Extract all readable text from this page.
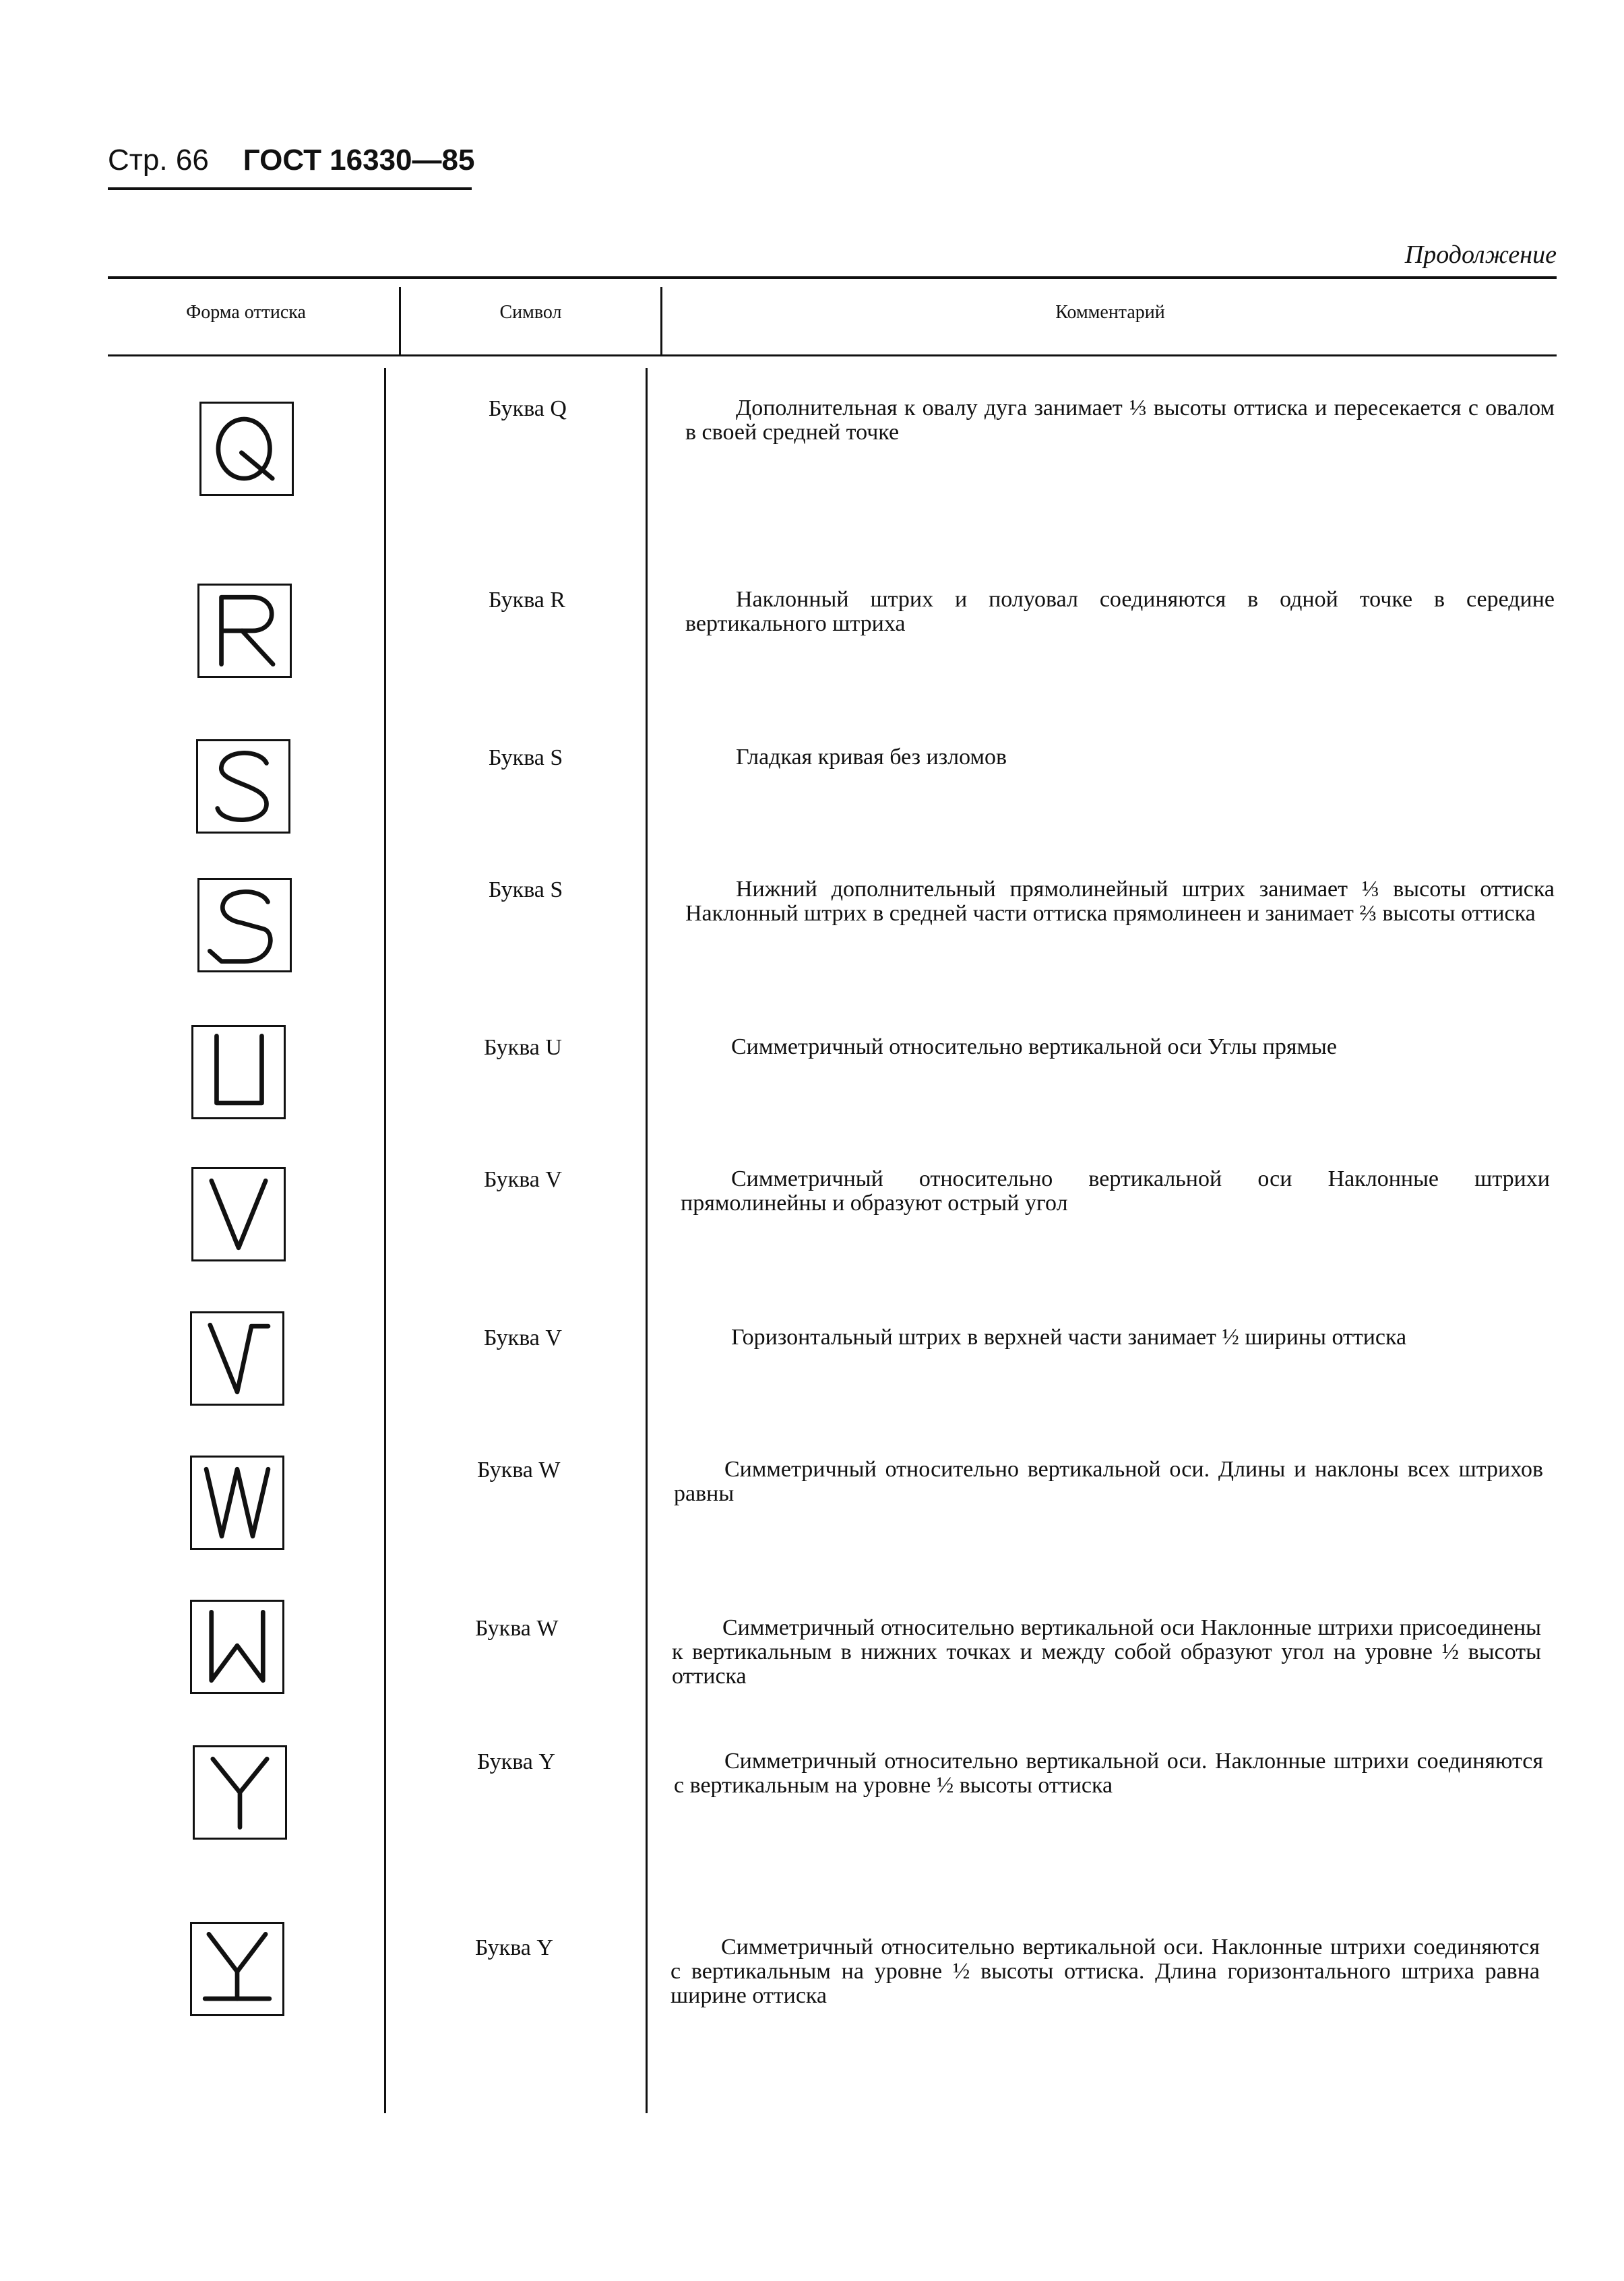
Стр. 66 ГОСТ 16330—85
Продолжение
Форма оттиска	Символ	Комментарий
Буква Q	Дополнительная к овалу дуга занимает ⅓ высоты оттиска и пересекается с овалом в своей средней точке
Буква R	Наклонный штрих и полуовал соединяются в одной точке в середине вертикального штриха
Буква S	Гладкая кривая без изломов
Буква S	Нижний дополнительный прямолинейный штрих занимает ⅓ высоты оттиска Наклонный штрих в средней части оттиска прямолинеен и занимает ⅔ высоты оттиска
Буква U	Симметричный относительно вертикальной оси Углы прямые
Буква V	Симметричный относительно вертикальной оси Наклонные штрихи прямолинейны и образуют острый угол
Буква V	Горизонтальный штрих в верхней части занимает ½ ширины оттиска
Буква W	Симметричный относительно вертикальной оси. Длины и наклоны всех штрихов равны
Буква W	Симметричный относительно вертикальной оси Наклонные штрихи присоединены к вертикальным в нижних точках и между собой образуют угол на уровне ½ высоты оттиска
Буква Y	Симметричный относительно вертикальной оси. Наклонные штрихи соединяются с вертикальным на уровне ½ высоты оттиска
Буква Y	Симметричный относительно вертикальной оси. Наклонные штрихи соединяются с вертикальным на уровне ½ высоты оттиска. Длина горизонтального штриха равна ширине оттиска
